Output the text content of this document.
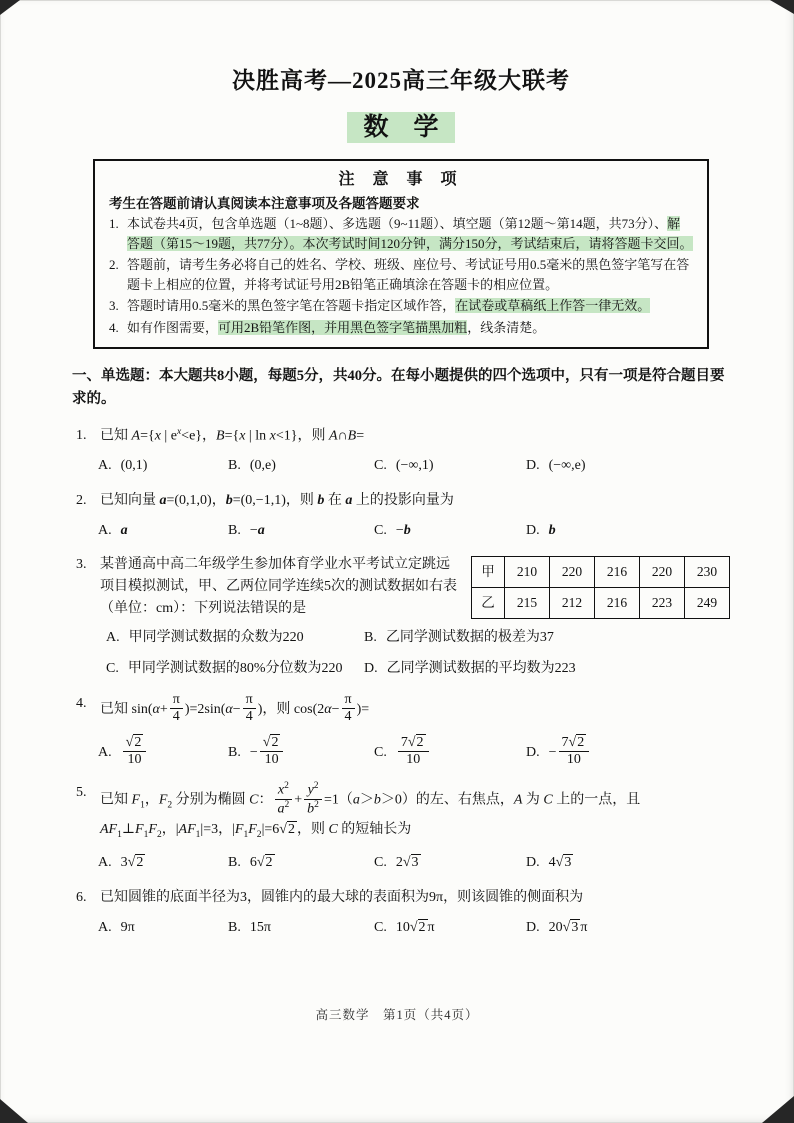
决胜高考—2025高三年级大联考
数　学
注 意 事 项
考生在答题前请认真阅读本注意事项及各题答题要求
1. 本试卷共4页，包含单选题（1~8题）、多选题（9~11题）、填空题（第12题～第14题，共73分）、解答题（第15～19题，共77分）。本次考试时间120分钟，满分150分，考试结束后，请将答题卡交回。
2. 答题前，请考生务必将自己的姓名、学校、班级、座位号、考试证号用0.5毫米的黑色签字笔写在答题卡上相应的位置，并将考试证号用2B铅笔正确填涂在答题卡的相应位置。
3. 答题时请用0.5毫米的黑色签字笔在答题卡指定区域作答，在试卷或草稿纸上作答一律无效。
4. 如有作图需要，可用2B铅笔作图，并用黑色签字笔描黑加粗，线条清楚。
一、单选题：本大题共8小题，每题5分，共40分。在每小题提供的四个选项中，只有一项是符合题目要求的。
1. 已知 A={x | $e^x<e$}，B={x | ln x<1}，则 A∩B=
A. (0,1)	B. (0,e)	C. (−∞,1)	D. (−∞,e)
2. 已知向量 a=(0,1,0)，b=(0,−1,1)，则 b 在 a 上的投影向量为
A. a	B. −a	C. −b	D. b
3. 某普通高中高二年级学生参加体育学业水平考试立定跳远项目模拟测试，甲、乙两位同学连续5次的测试数据如右表（单位：cm）：下列说法错误的是
甲	210	220	216	220	230
乙	215	212	216	223	249
A. 甲同学测试数据的众数为220	B. 乙同学测试数据的极差为37
C. 甲同学测试数据的80%分位数为220	D. 乙同学测试数据的平均数为223
4. 已知 $\sin(\alpha+ \frac{\pi}{4} )=2\sin(\alpha- \frac{\pi}{4}$ )，则 $\cos(2\alpha- \frac{\pi}{4}$ )=
A. $\frac{√2}{10}$	B. − $\frac{√2}{10}$	C. $\frac{7√2}{10}$	D. − $\frac{7√2}{10}$
5. 已知 $F_1$，$F_2$ 分别为椭圆 C： $\frac{x^2}{a^2} + \frac{y^2}{b^2} =1(a>b>0)$的左、右焦点，A 为 C 上的一点，且 $AF_1\perp F_1F_2$，$|AF_1|=3$，$|F_1F_2|=6√2$ ，则 C 的短轴长为
A. 3√2	B. 6√2	C. 2√3	D. 4√3
6. 已知圆锥的底面半径为3，圆锥内的最大球的表面积为9π，则该圆锥的侧面积为
A. 9π	B. 15π	C. 10√2 π	D. 20√3 π
高三数学　第1页（共4页）
